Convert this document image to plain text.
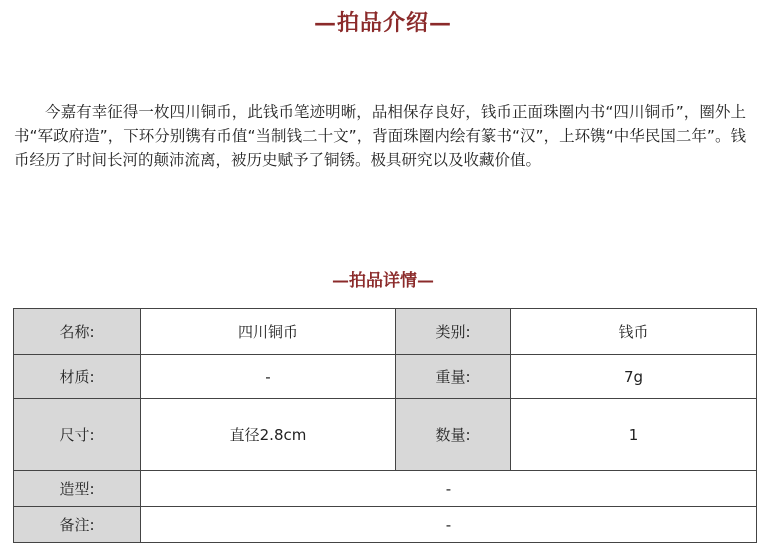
—拍品介绍—

今嘉有幸征得一枚四川铜币，此钱币笔迹明晰，品相保存良好，钱币正面珠圈内书“四川铜币”，圈外上书“军政府造”，下环分别镌有币值“当制钱二十文”，背面珠圈内绘有篆书“汉”，上环镌“中华民国二年”。钱币经历了时间长河的颠沛流离，被历史赋予了铜锈。极具研究以及收藏价值。

—拍品详情—
名称:	四川铜币	类别:	钱币
材质:	-	重量:	7g
尺寸:	直径2.8cm	数量:	1
造型:	-		
备注:	-		
